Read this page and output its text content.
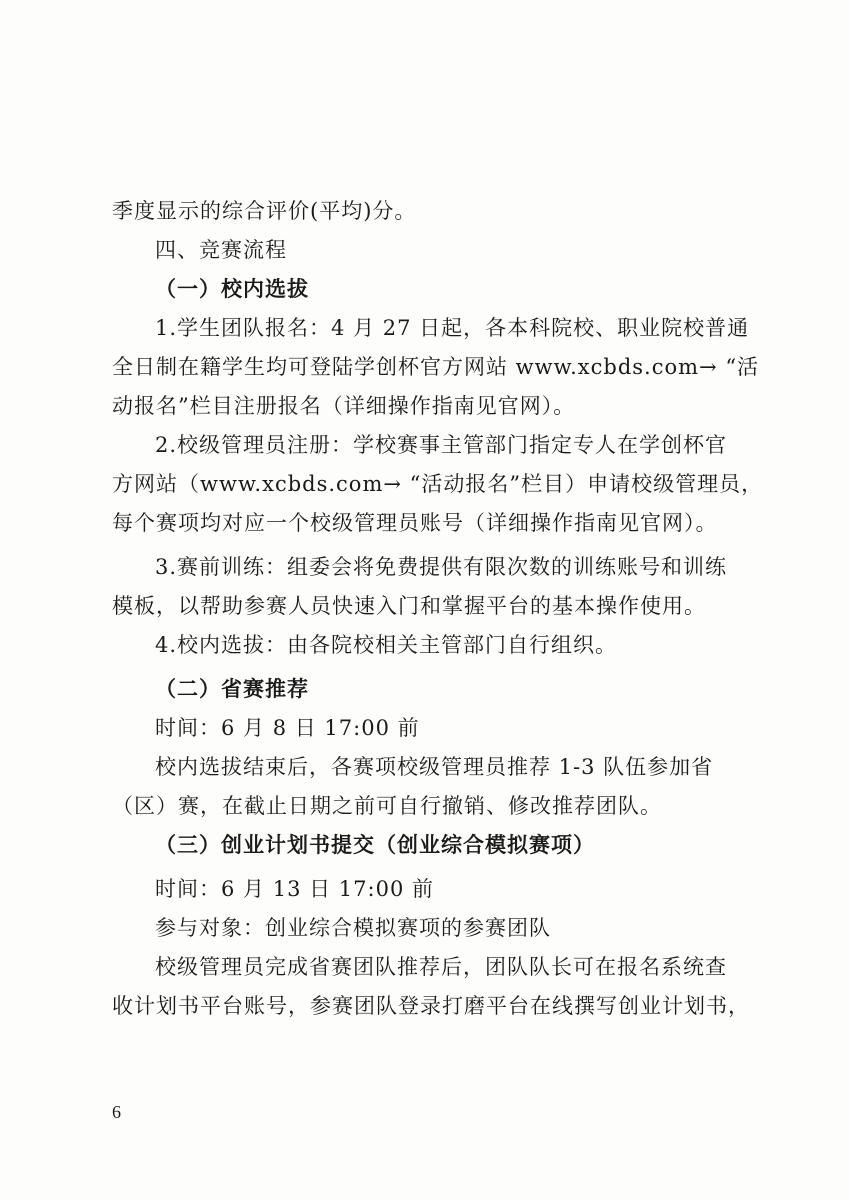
季度显示的综合评价(平均)分。
四、竞赛流程
（一）校内选拔
1.学生团队报名：4 月 27 日起，各本科院校、职业院校普通
全日制在籍学生均可登陆学创杯官方网站 www.xcbds.com→ “活
动报名”栏目注册报名（详细操作指南见官网）。
2.校级管理员注册：学校赛事主管部门指定专人在学创杯官
方网站（www.xcbds.com→ “活动报名”栏目）申请校级管理员，
每个赛项均对应一个校级管理员账号（详细操作指南见官网）。
3.赛前训练：组委会将免费提供有限次数的训练账号和训练
模板，以帮助参赛人员快速入门和掌握平台的基本操作使用。
4.校内选拔：由各院校相关主管部门自行组织。
（二）省赛推荐
时间：6 月 8 日 17:00 前
校内选拔结束后，各赛项校级管理员推荐 1-3 队伍参加省
（区）赛，在截止日期之前可自行撤销、修改推荐团队。
（三）创业计划书提交（创业综合模拟赛项）
时间：6 月 13 日 17:00 前
参与对象：创业综合模拟赛项的参赛团队
校级管理员完成省赛团队推荐后，团队队长可在报名系统查
收计划书平台账号，参赛团队登录打磨平台在线撰写创业计划书，
6
